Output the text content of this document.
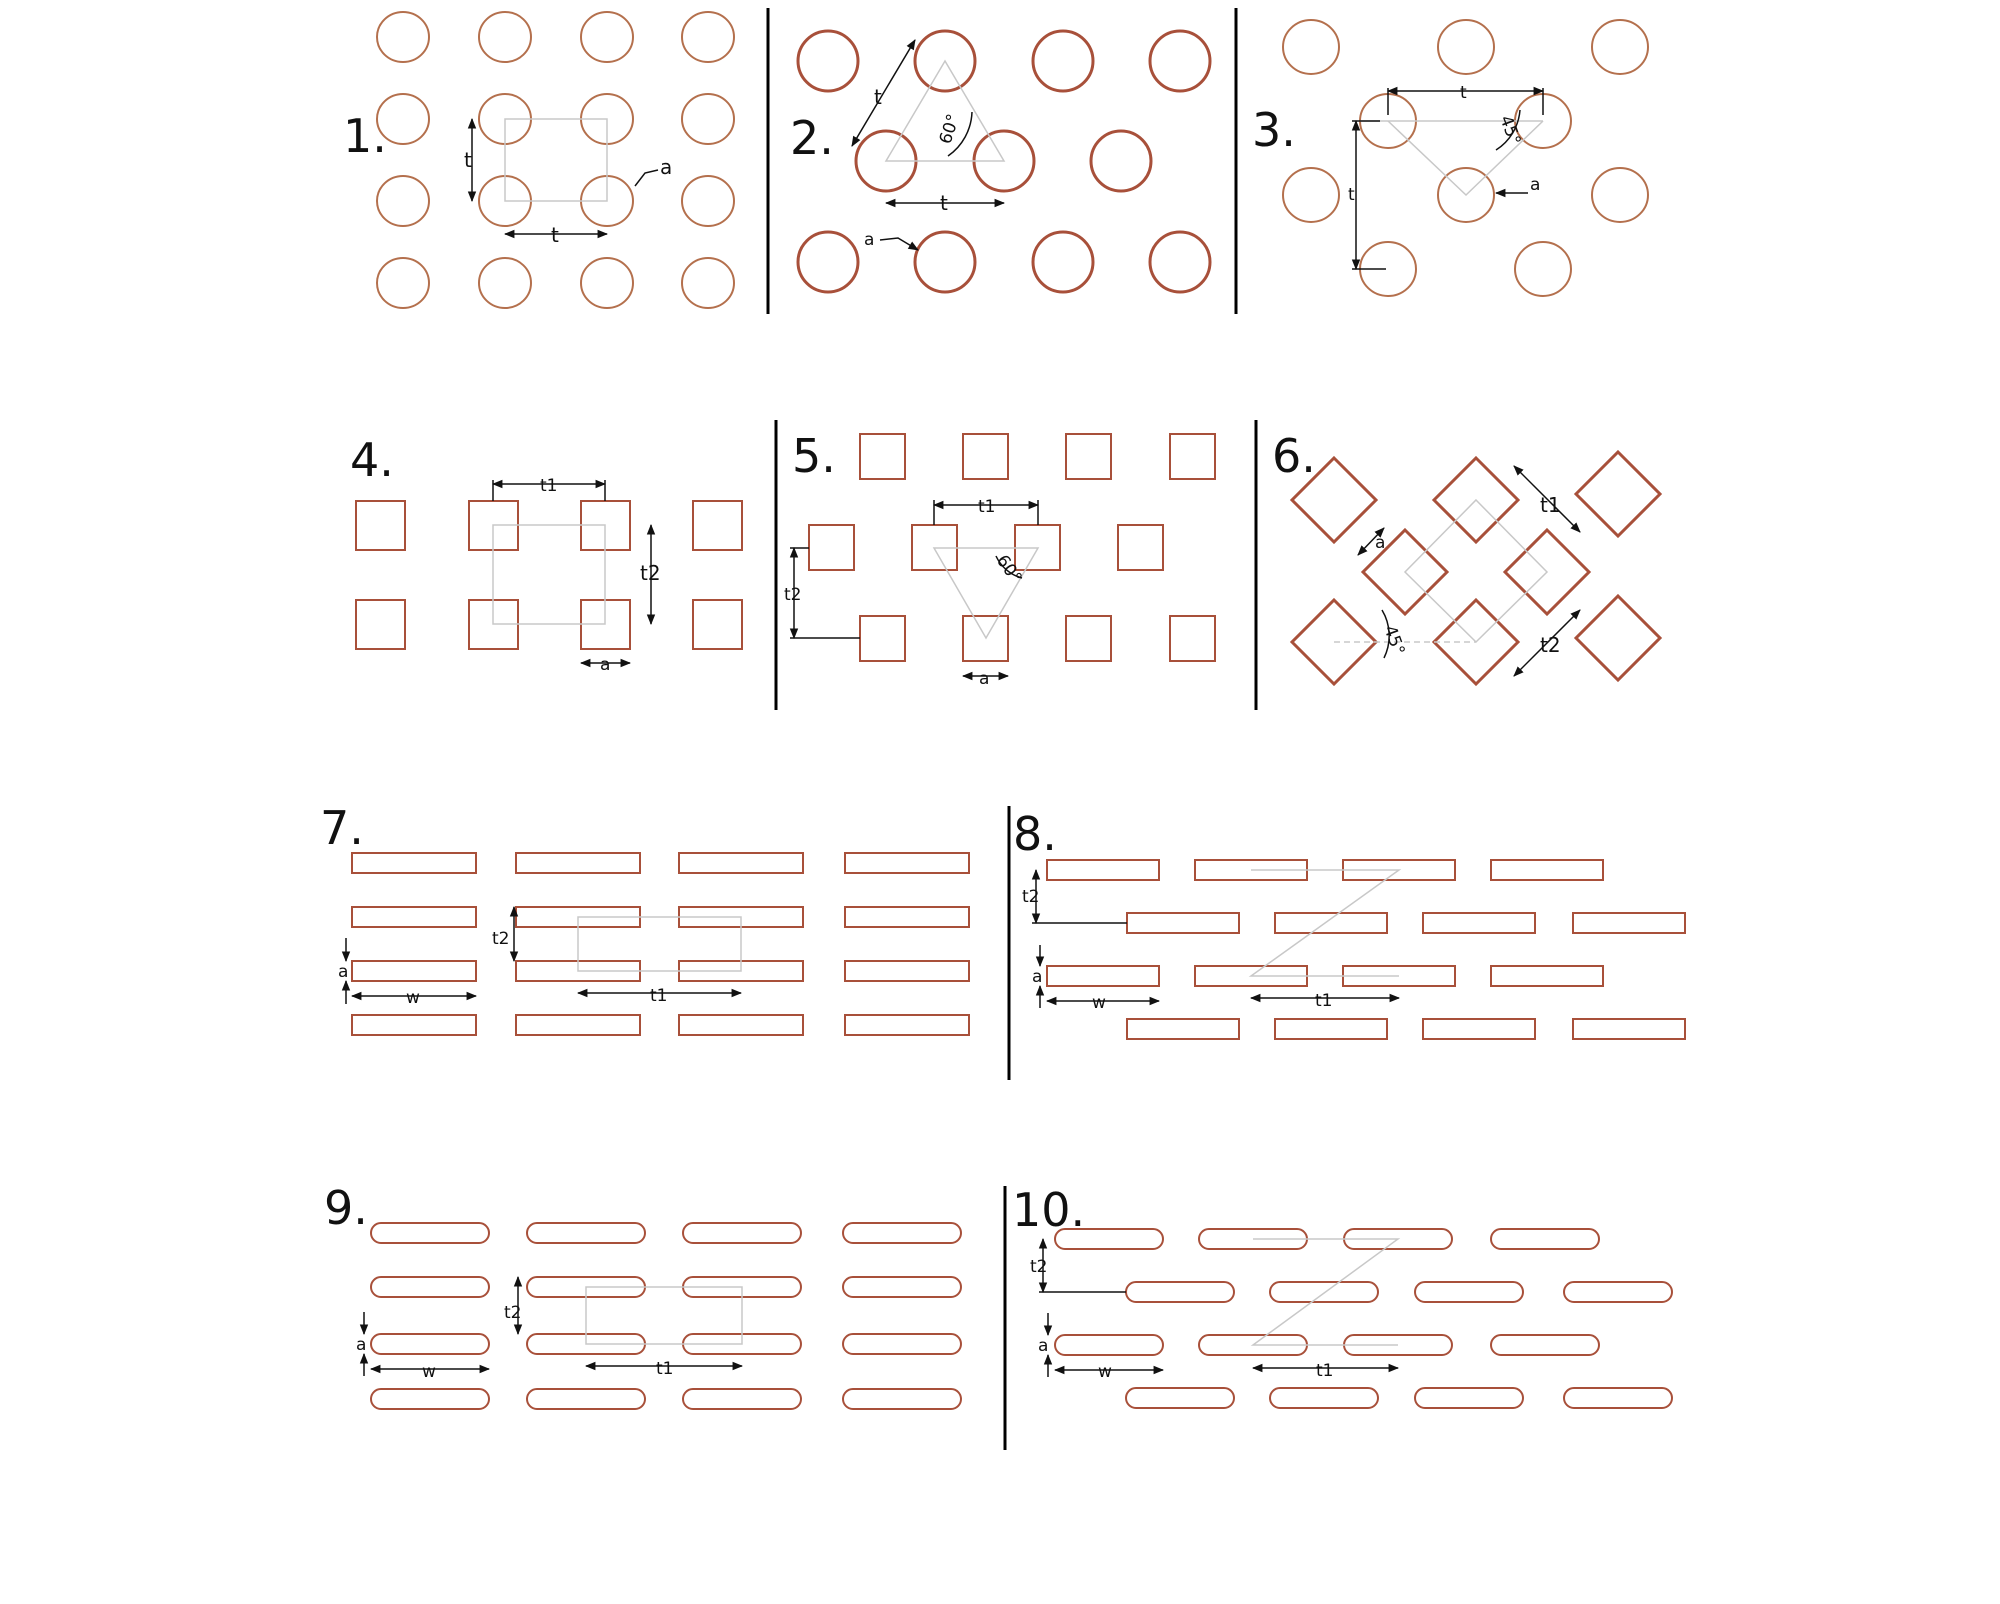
1.	t
t
a
2.
t
t
60°
a
3.
t
t
45°
a
4.	t1
t2
a
5.
t1
t2
60°
a
6.
t1
t2
45°
a
7.
t2
a
w	t1
8.
t2
a
w	t1
9.
t2
a
w	t1
10.
t2
a
w	t1
